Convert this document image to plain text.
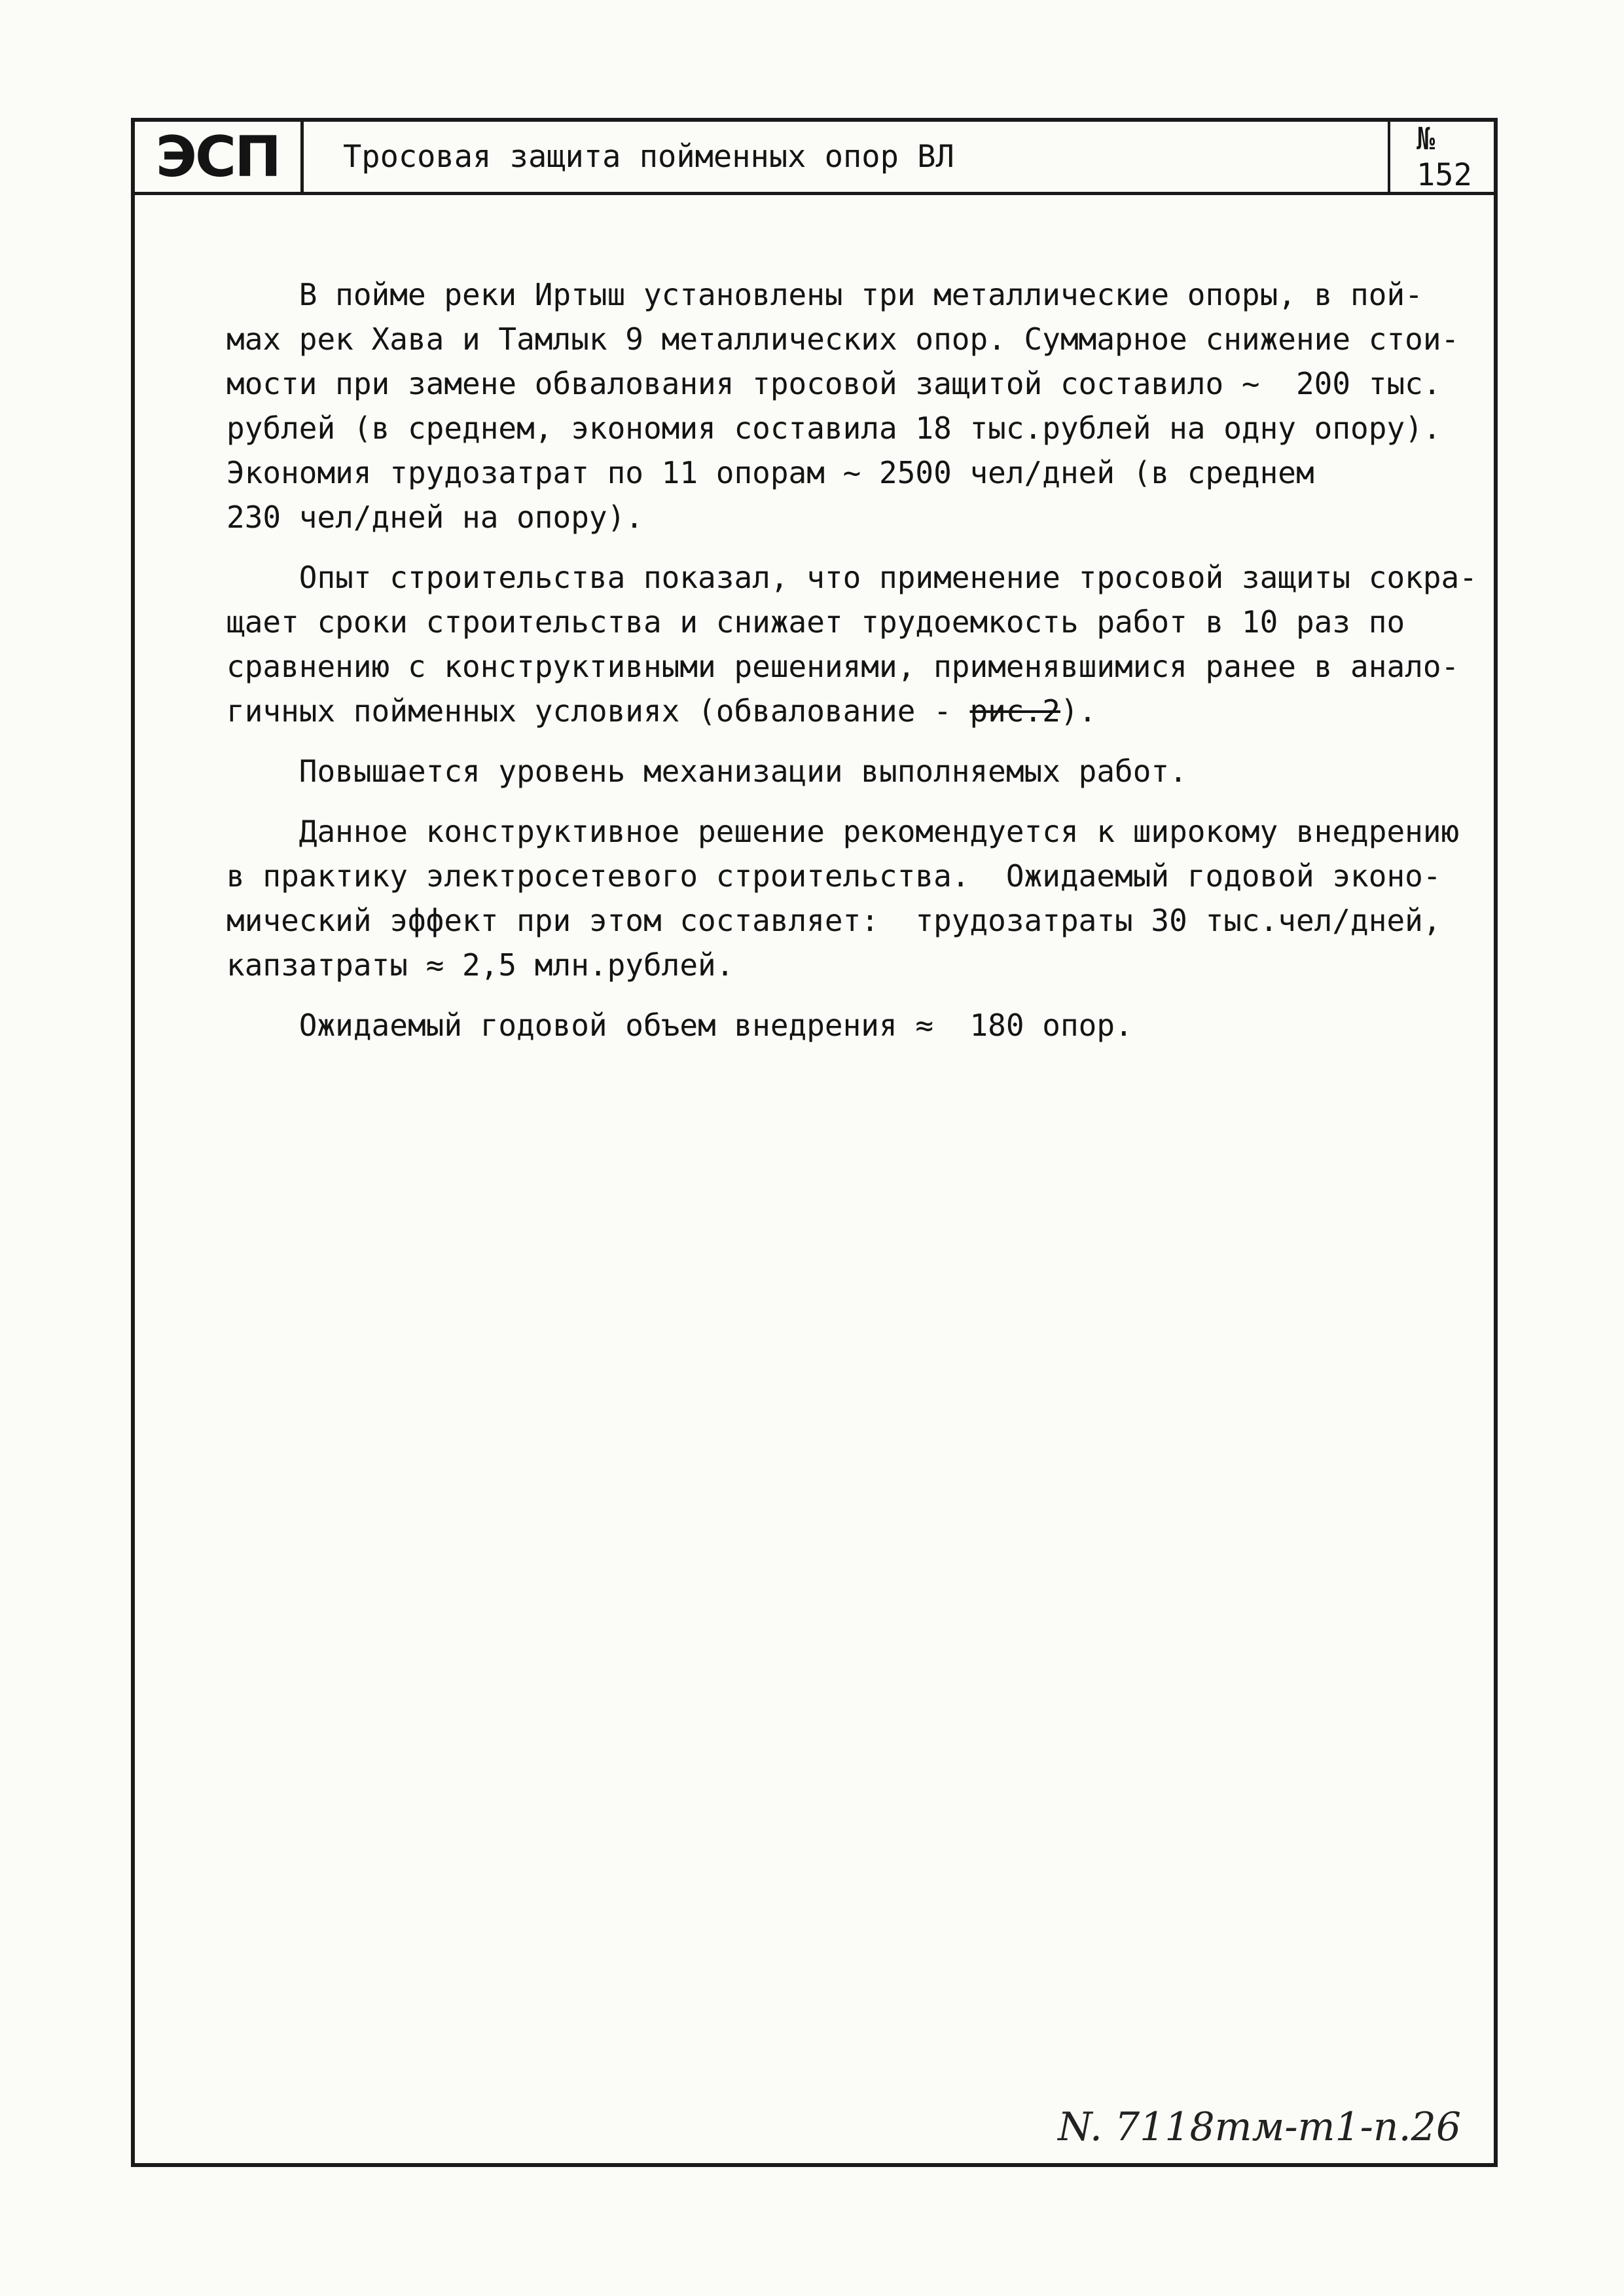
ЭСП Тросовая защита пойменных опор ВЛ	№ 152
В пойме реки Иртыш установлены три металлические опоры, в пой-
мах рек Хава и Тамлык 9 металлических опор. Суммарное снижение стои-
мости при замене обвалования тросовой защитой составило ~  200 тыс.
рублей (в среднем, экономия составила 18 тыс.рублей на одну опору).
Экономия трудозатрат по 11 опорам ~ 2500 чел/дней (в среднем
230 чел/дней на опору).
Опыт строительства показал, что применение тросовой защиты сокра-
щает сроки строительства и снижает трудоемкость работ в 10 раз по
сравнению с конструктивными решениями, применявшимися ранее в анало-
гичных пойменных условиях (обвалование - рис.2).
Повышается уровень механизации выполняемых работ.
Данное конструктивное решение рекомендуется к широкому внедрению
в практику электросетевого строительства.  Ожидаемый годовой эконо-
мический эффект при этом составляет:  трудозатраты 30 тыс.чел/дней,
капзатраты ≈ 2,5 млн.рублей.
Ожидаемый годовой объем внедрения ≈  180 опор.
N. 7118тм-т1-п.26
